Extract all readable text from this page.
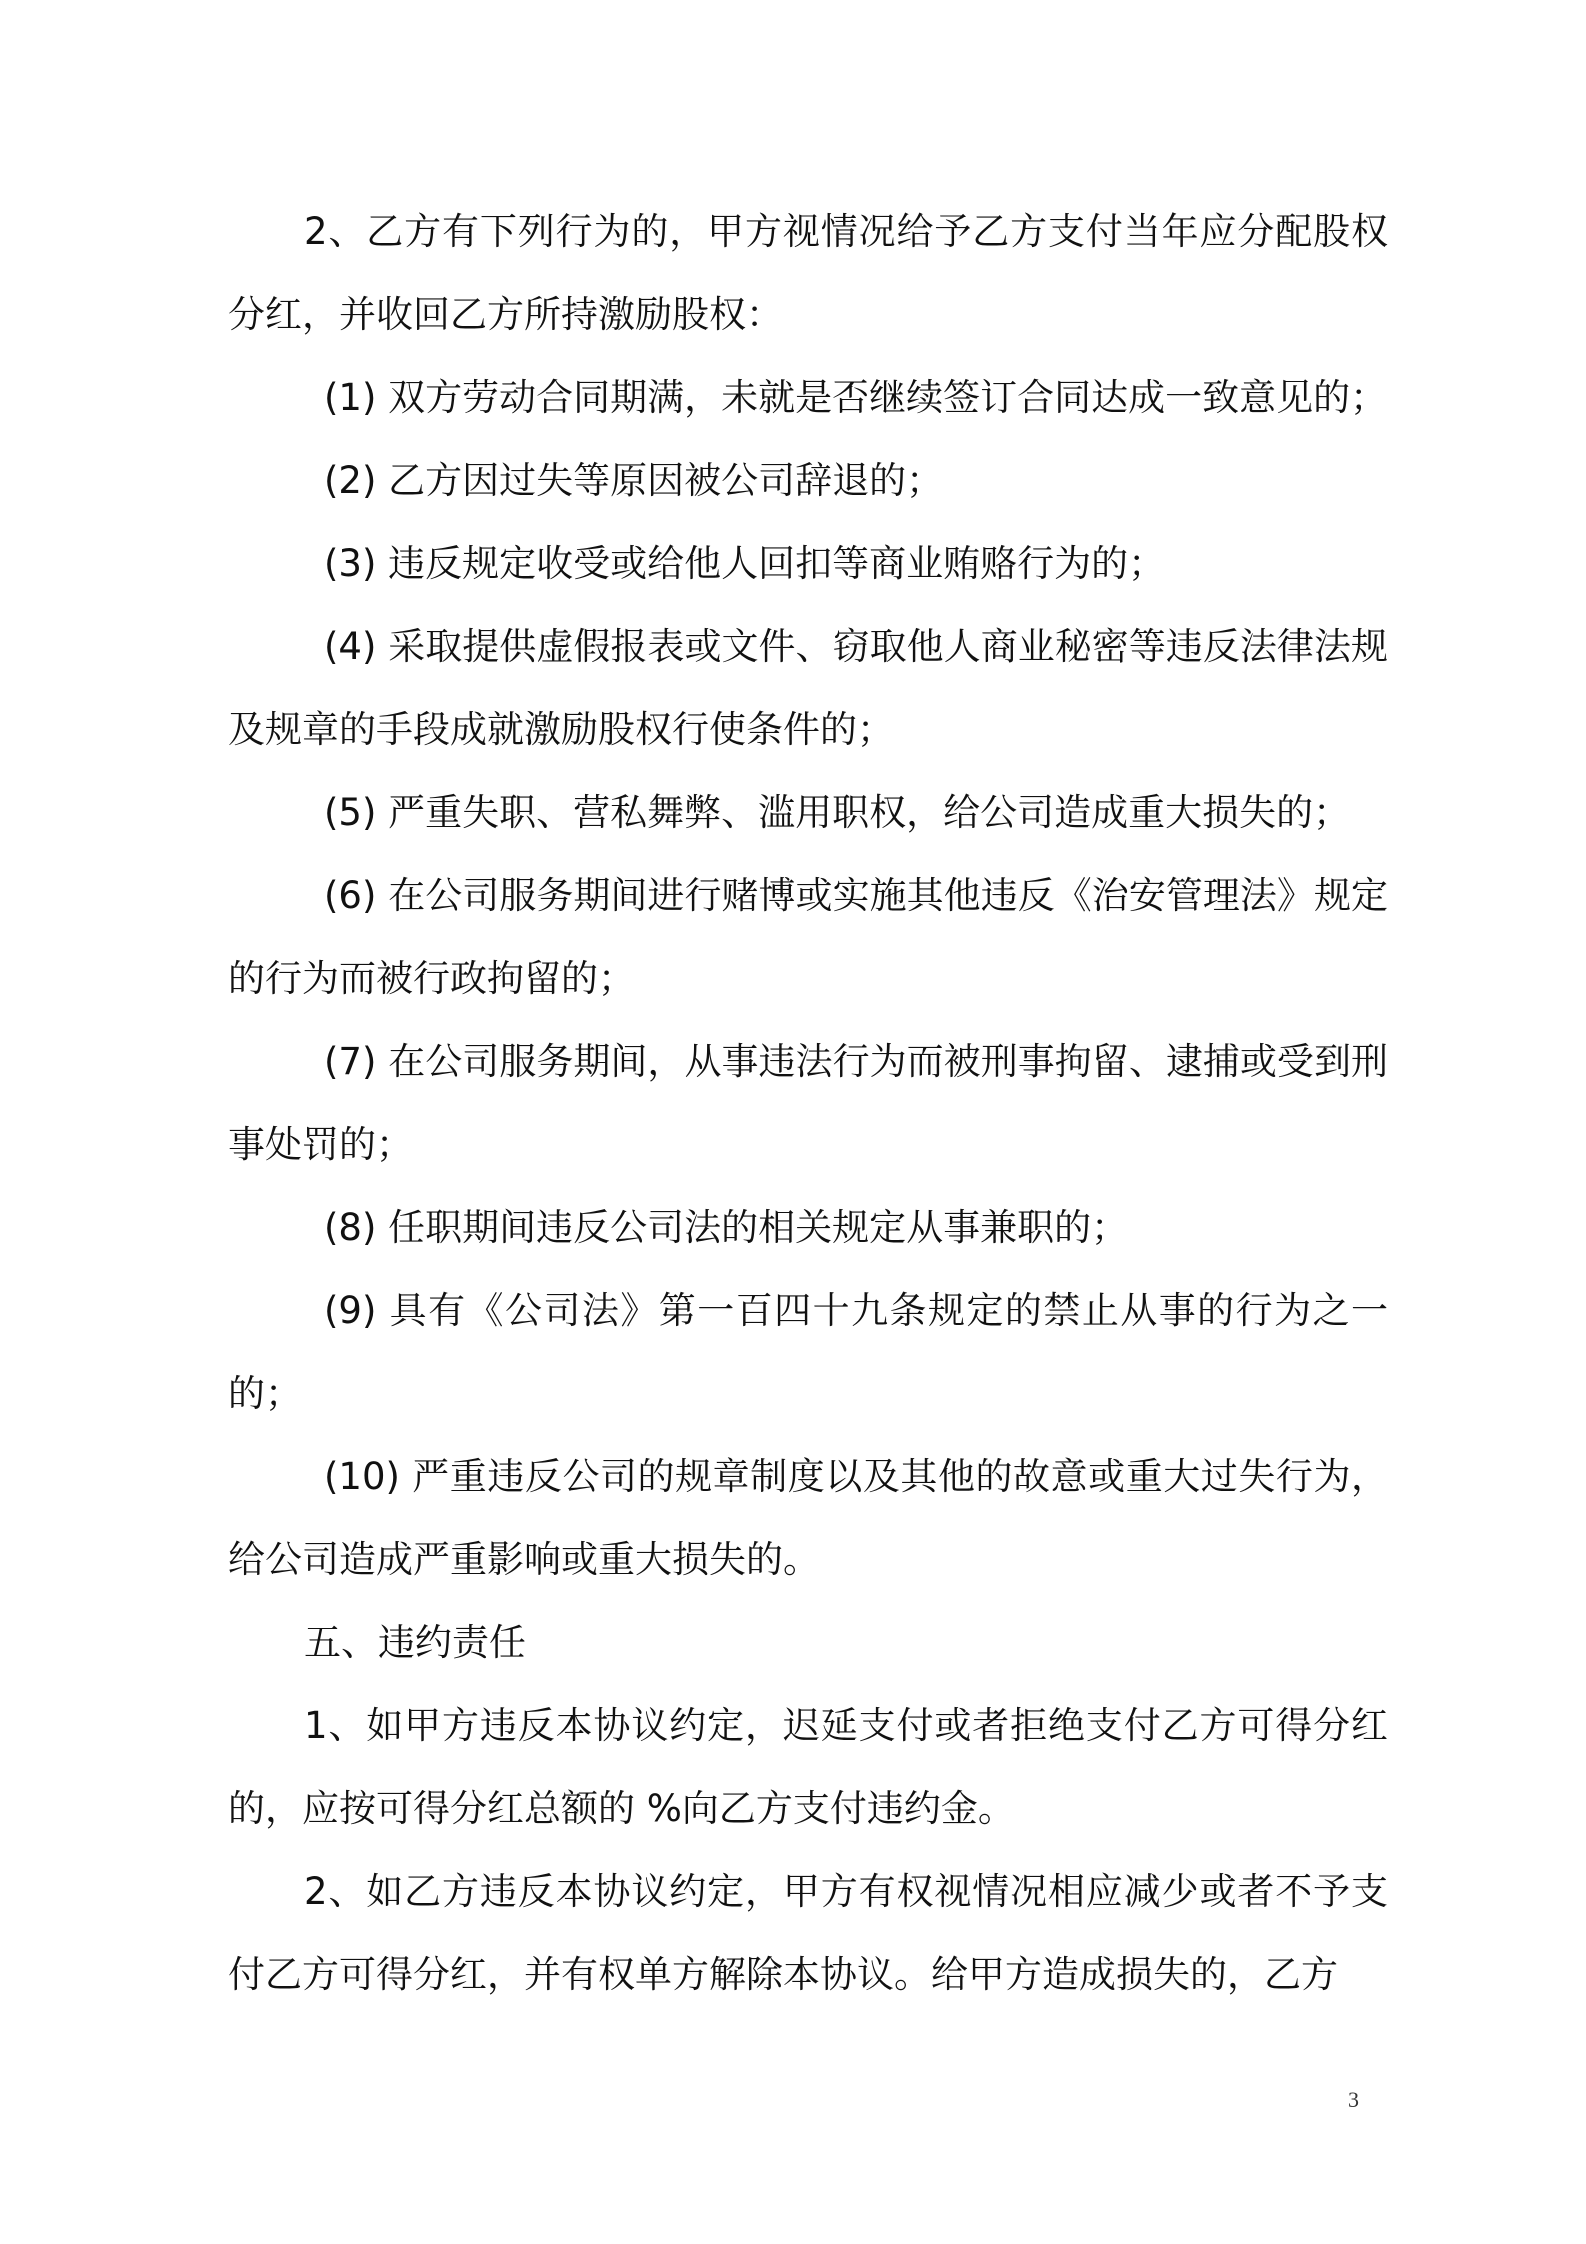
2、乙方有下列行为的，甲方视情况给予乙方支付当年应分配股权分红，并收回乙方所持激励股权：

(1) 双方劳动合同期满，未就是否继续签订合同达成一致意见的；

(2) 乙方因过失等原因被公司辞退的；

(3) 违反规定收受或给他人回扣等商业贿赂行为的；

(4) 采取提供虚假报表或文件、窃取他人商业秘密等违反法律法规及规章的手段成就激励股权行使条件的；

(5) 严重失职、营私舞弊、滥用职权，给公司造成重大损失的；

(6) 在公司服务期间进行赌博或实施其他违反《治安管理法》规定的行为而被行政拘留的；

(7) 在公司服务期间，从事违法行为而被刑事拘留、逮捕或受到刑事处罚的；

(8) 任职期间违反公司法的相关规定从事兼职的；

(9) 具有《公司法》第一百四十九条规定的禁止从事的行为之一的；

(10) 严重违反公司的规章制度以及其他的故意或重大过失行为，给公司造成严重影响或重大损失的。

五、违约责任

1、如甲方违反本协议约定，迟延支付或者拒绝支付乙方可得分红的，应按可得分红总额的 %向乙方支付违约金。

2、如乙方违反本协议约定，甲方有权视情况相应减少或者不予支付乙方可得分红，并有权单方解除本协议。给甲方造成损失的，乙方

3
